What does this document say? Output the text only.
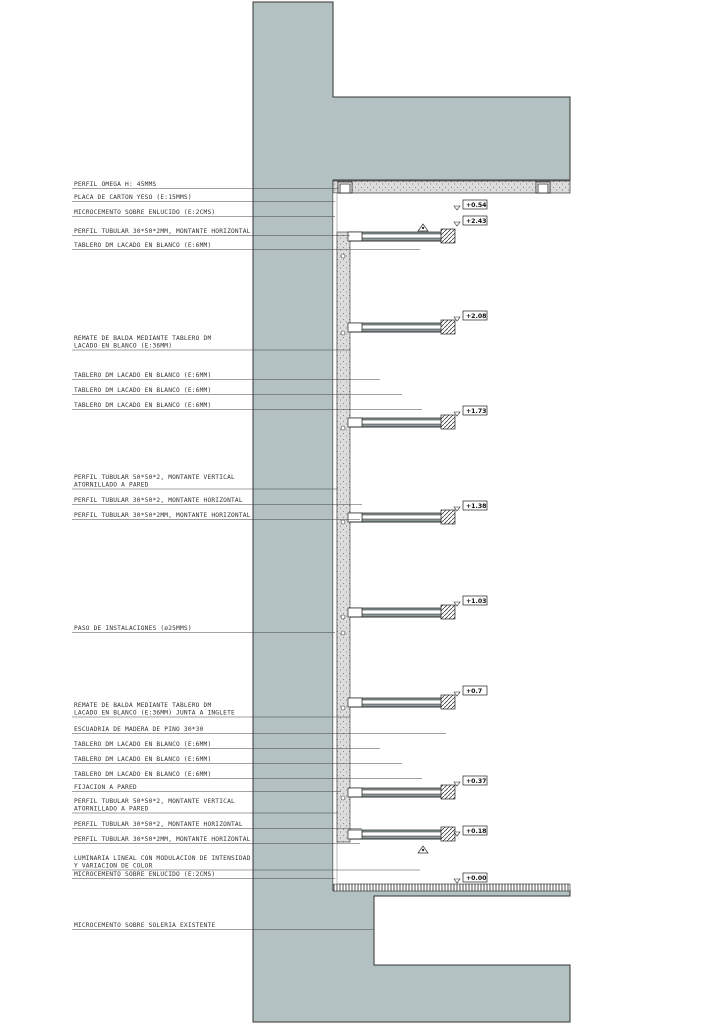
PERFIL OMEGA H: 45MMS
PLACA DE CARTON YESO (E:15MMS)
MICROCEMENTO SOBRE ENLUCIDO (E:2CMS)
PERFIL TUBULAR 30*50*2MM, MONTANTE HORIZONTAL
TABLERO DM LACADO EN BLANCO (E:6MM)
REMATE DE BALDA MEDIANTE TABLERO DM
LACADO EN BLANCO (E:36MM)
TABLERO DM LACADO EN BLANCO (E:6MM)
TABLERO DM LACADO EN BLANCO (E:6MM)
TABLERO DM LACADO EN BLANCO (E:6MM)
PERFIL TUBULAR 50*50*2, MONTANTE VERTICAL
ATORNILLADO A PARED
PERFIL TUBULAR 30*50*2, MONTANTE HORIZONTAL
PERFIL TUBULAR 30*50*2MM, MONTANTE HORIZONTAL
PASO DE INSTALACIONES (ø25MMS)
REMATE DE BALDA MEDIANTE TABLERO DM
LACADO EN BLANCO (E:36MM) JUNTA A INGLETE
ESCUADRIA DE MADERA DE PINO 30*30
TABLERO DM LACADO EN BLANCO (E:6MM)
TABLERO DM LACADO EN BLANCO (E:6MM)
TABLERO DM LACADO EN BLANCO (E:6MM)
FIJACION A PARED
PERFIL TUBULAR 50*50*2, MONTANTE VERTICAL
ATORNILLADO A PARED
PERFIL TUBULAR 30*50*2, MONTANTE HORIZONTAL
PERFIL TUBULAR 30*50*2MM, MONTANTE HORIZONTAL
LUMINARIA LINEAL CON MODULACION DE INTENSIDAD
Y VARIACION DE COLOR
MICROCEMENTO SOBRE ENLUCIDO (E:2CMS)
MICROCEMENTO SOBRE SOLERIA EXISTENTE
+0.54
+2.43
+2.08
+1.73
+1.38
+1.03
+0.7
+0.37
+0.18
+0.00
